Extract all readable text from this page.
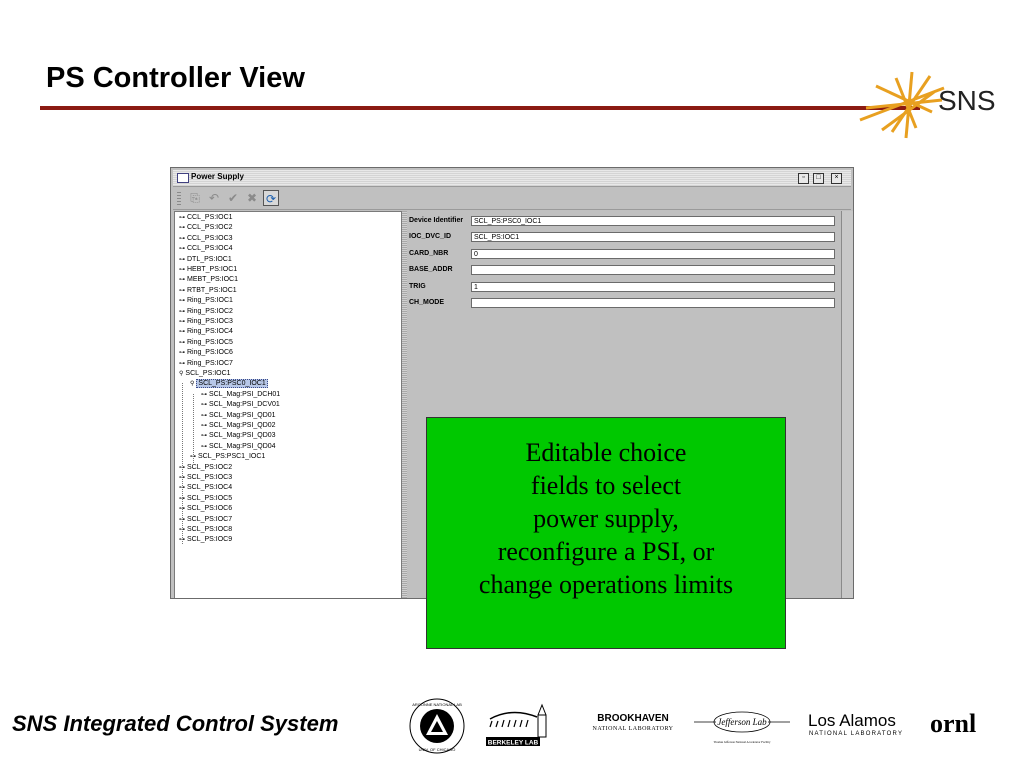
PS Controller View
SNS
Power Supply	▫	□	×
⎘ ↶ ✔ ✖ ⟳
⊶ CCL_PS:IOC1
⊶ CCL_PS:IOC2
⊶ CCL_PS:IOC3
⊶ CCL_PS:IOC4
⊶ DTL_PS:IOC1
⊶ HEBT_PS:IOC1
⊶ MEBT_PS:IOC1
⊶ RTBT_PS:IOC1
⊶ Ring_PS:IOC1
⊶ Ring_PS:IOC2
⊶ Ring_PS:IOC3
⊶ Ring_PS:IOC4
⊶ Ring_PS:IOC5
⊶ Ring_PS:IOC6
⊶ Ring_PS:IOC7
⚲ SCL_PS:IOC1
⚲ SCL_PS:PSC0_IOC1
⊶ SCL_Mag:PSI_DCH01
⊶ SCL_Mag:PSI_DCV01
⊶ SCL_Mag:PSI_QD01
⊶ SCL_Mag:PSI_QD02
⊶ SCL_Mag:PSI_QD03
⊶ SCL_Mag:PSI_QD04
⊶ SCL_PS:PSC1_IOC1
⊶ SCL_PS:IOC2
⊶ SCL_PS:IOC3
⊶ SCL_PS:IOC4
⊶ SCL_PS:IOC5
⊶ SCL_PS:IOC6
⊶ SCL_PS:IOC7
⊶ SCL_PS:IOC8
⊶ SCL_PS:IOC9
Device Identifier	SCL_PS:PSC0_IOC1
IOC_DVC_ID	SCL_PS:IOC1
CARD_NBR	0
BASE_ADDR
TRIG	1
CH_MODE
Editable choice
fields to select
power supply,
reconfigure a PSI, or
change operations limits
SNS Integrated Control System
ARGONNE NATIONAL LAB
UNIV. OF CHICAGO
BERKELEY LAB
BROOKHAVEN
NATIONAL LABORATORY
Jefferson Lab
Thomas Jefferson National Accelerator Facility
Los Alamos
NATIONAL LABORATORY ornl
